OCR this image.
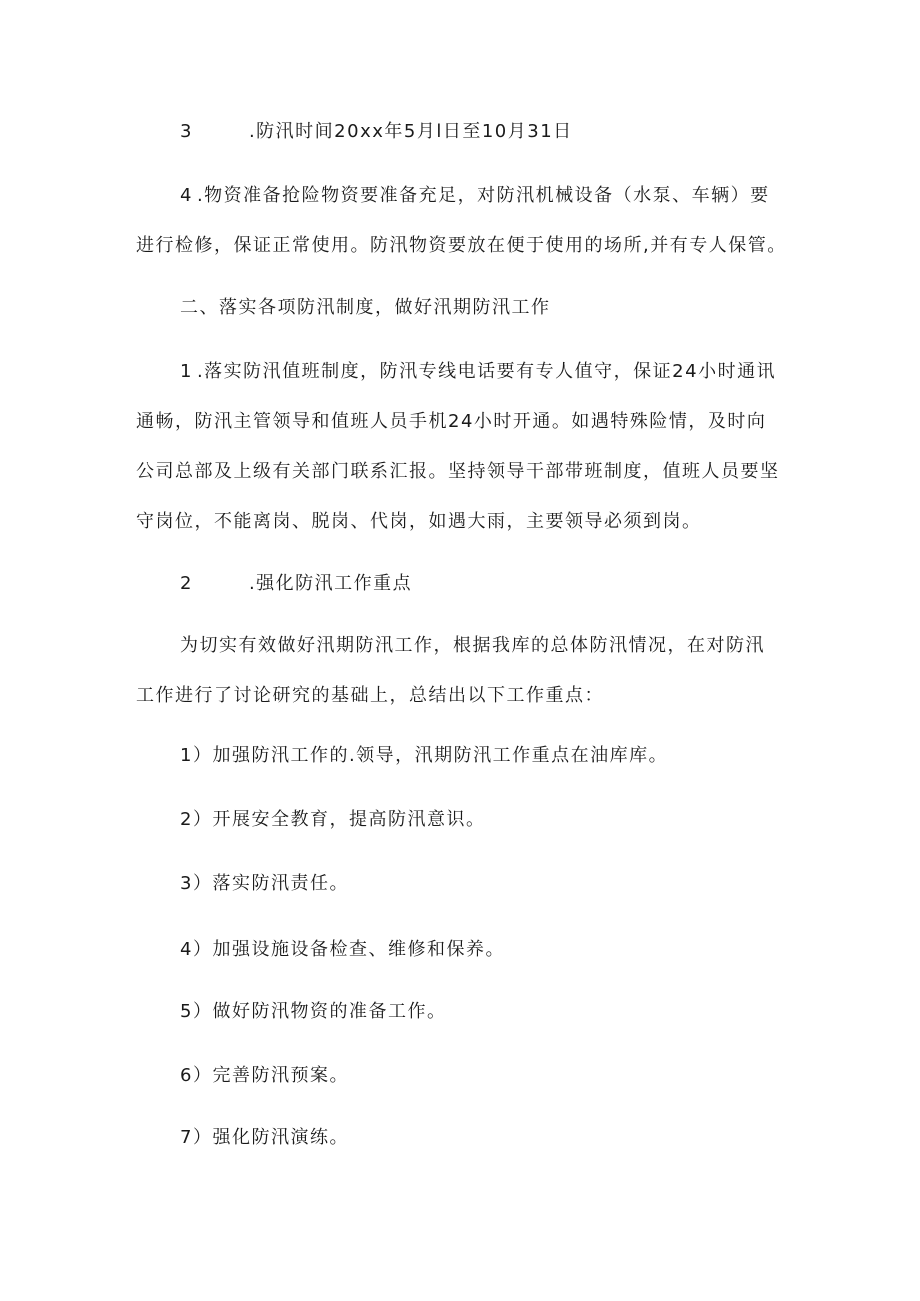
3	.防汛时间20xx年5月l日至10月31日
4 .物资准备抢险物资要准备充足，对防汛机械设备（水泵、车辆）要
进行检修，保证正常使用。防汛物资要放在便于使用的场所,并有专人保管。
二、落实各项防汛制度，做好汛期防汛工作
1 .落实防汛值班制度，防汛专线电话要有专人值守，保证24小时通讯
通畅，防汛主管领导和值班人员手机24小时开通。如遇特殊险情，及时向
公司总部及上级有关部门联系汇报。坚持领导干部带班制度，值班人员要坚
守岗位，不能离岗、脱岗、代岗，如遇大雨，主要领导必须到岗。
2	.强化防汛工作重点
为切实有效做好汛期防汛工作，根据我库的总体防汛情况，在对防汛
工作进行了讨论研究的基础上，总结出以下工作重点：
1）加强防汛工作的.领导，汛期防汛工作重点在油库库。
2）开展安全教育，提高防汛意识。
3）落实防汛责任。
4）加强设施设备检查、维修和保养。
5）做好防汛物资的准备工作。
6）完善防汛预案。
7）强化防汛演练。
